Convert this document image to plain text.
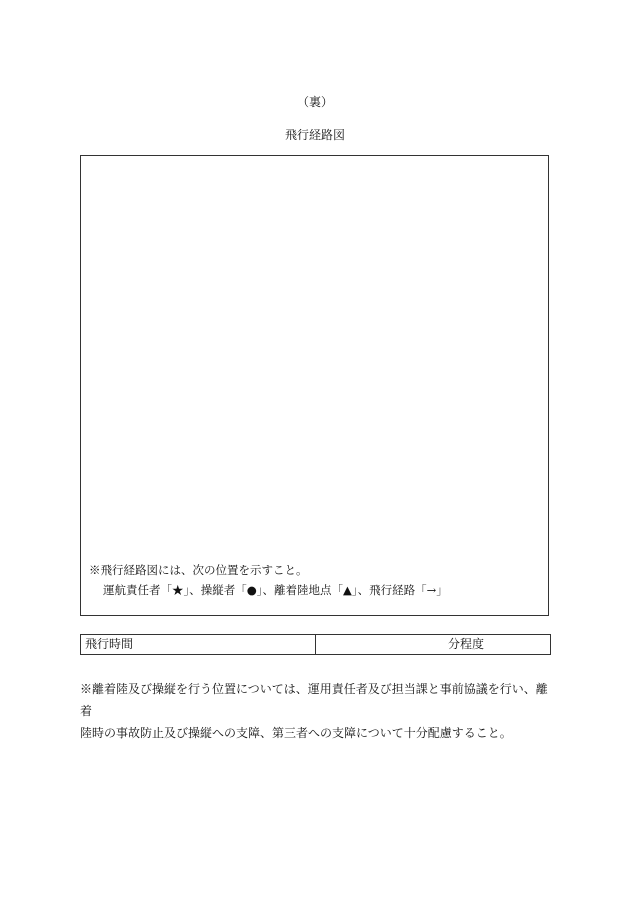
（裏）
飛行経路図
※飛行経路図には、次の位置を示すこと。
運航責任者「★」、操縦者「●」、離着陸地点「▲」、飛行経路「→」
飛行時間	分程度
※離着陸及び操縦を行う位置については、運用責任者及び担当課と事前協議を行い、離着
陸時の事故防止及び操縦への支障、第三者への支障について十分配慮すること。
